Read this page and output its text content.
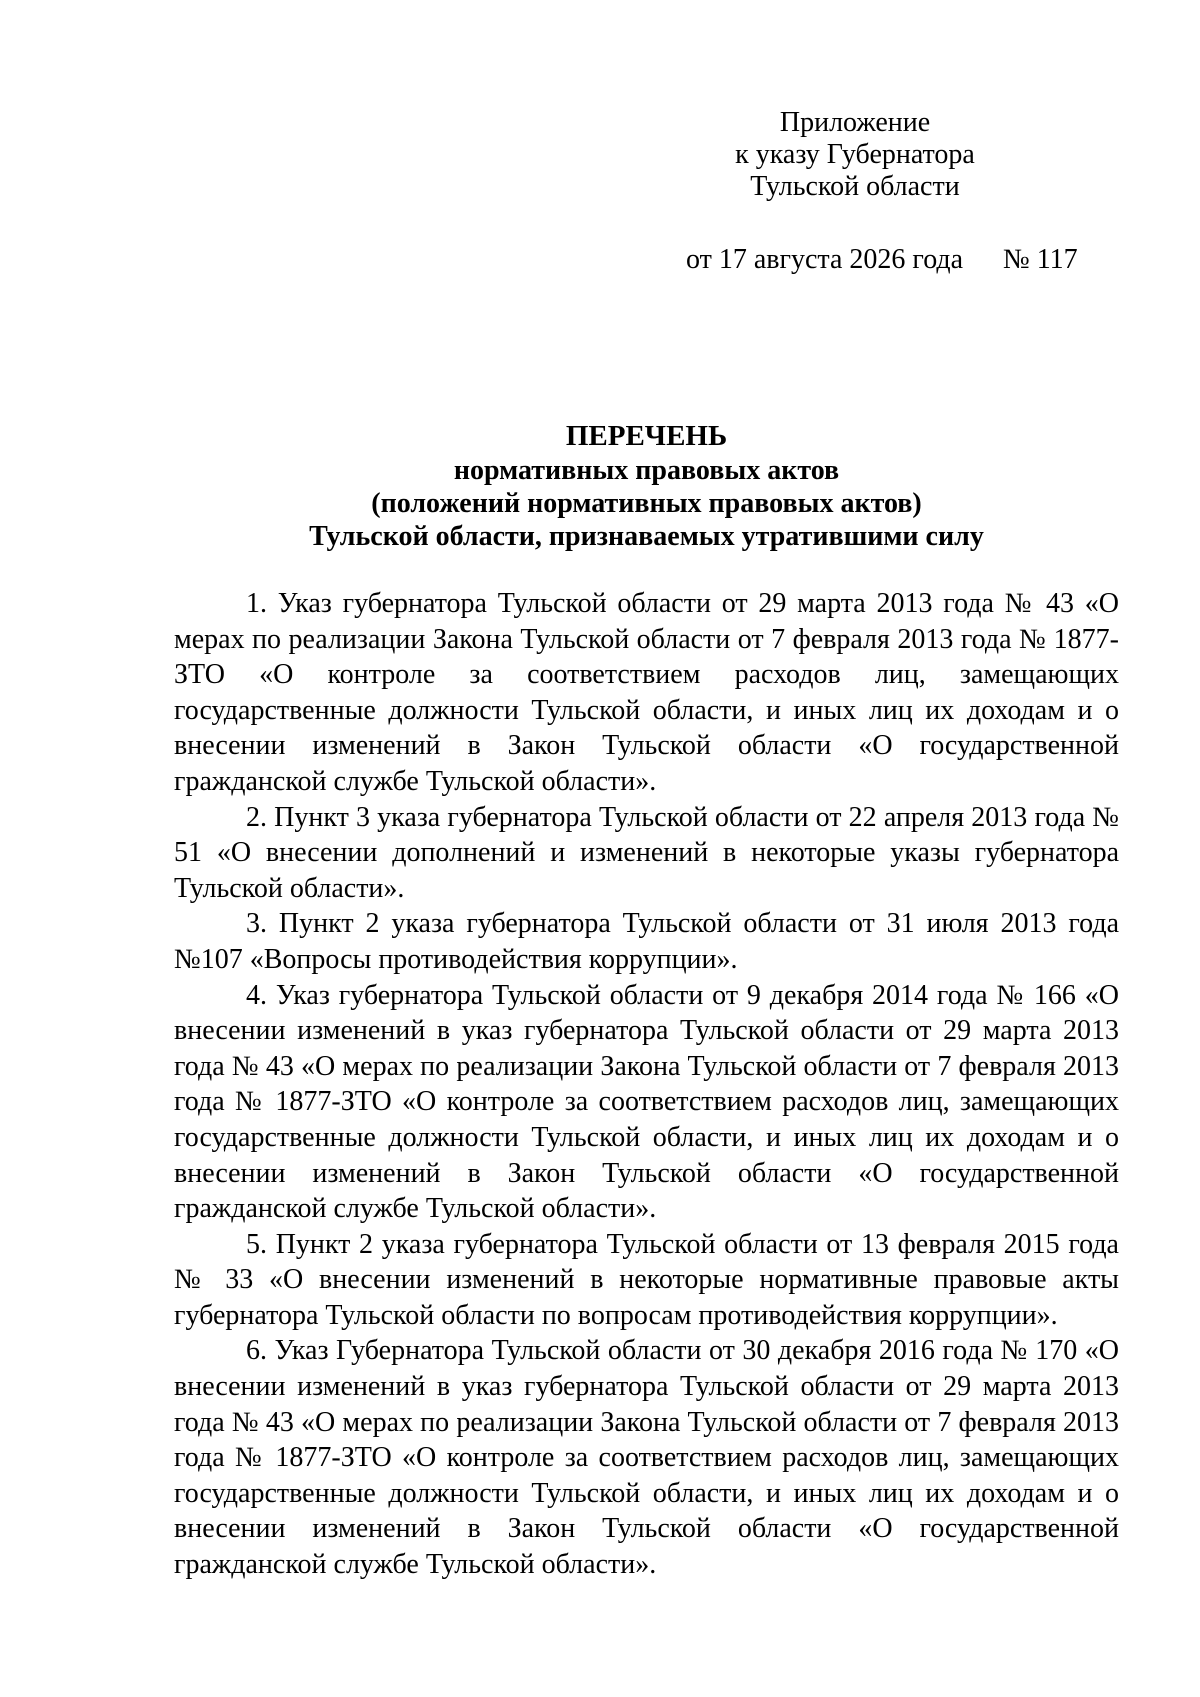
Приложение
к указу Губернатора
Тульской области
от 17 августа 2026 года № 117
ПЕРЕЧЕНЬ
нормативных правовых актов
(положений нормативных правовых актов)
Тульской области, признаваемых утратившими силу

1. Указ губернатора Тульской области от 29 марта 2013 года № 43 «О мерах по реализации Закона Тульской области от 7 февраля 2013 года № 1877-ЗТО «О контроле за соответствием расходов лиц, замещающих государственные должности Тульской области, и иных лиц их доходам и о внесении изменений в Закон Тульской области «О государственной гражданской службе Тульской области».

2. Пункт 3 указа губернатора Тульской области от 22 апреля 2013 года № 51 «О внесении дополнений и изменений в некоторые указы губернатора Тульской области».

3. Пункт 2 указа губернатора Тульской области от 31 июля 2013 года №107 «Вопросы противодействия коррупции».

4. Указ губернатора Тульской области от 9 декабря 2014 года № 166 «О внесении изменений в указ губернатора Тульской области от 29 марта 2013 года № 43 «О мерах по реализации Закона Тульской области от 7 февраля 2013 года № 1877-ЗТО «О контроле за соответствием расходов лиц, замещающих государственные должности Тульской области, и иных лиц их доходам и о внесении изменений в Закон Тульской области «О государственной гражданской службе Тульской области».

5. Пункт 2 указа губернатора Тульской области от 13 февраля 2015 года № 33 «О внесении изменений в некоторые нормативные правовые акты губернатора Тульской области по вопросам противодействия коррупции».

6. Указ Губернатора Тульской области от 30 декабря 2016 года № 170 «О внесении изменений в указ губернатора Тульской области от 29 марта 2013 года № 43 «О мерах по реализации Закона Тульской области от 7 февраля 2013 года № 1877-ЗТО «О контроле за соответствием расходов лиц, замещающих государственные должности Тульской области, и иных лиц их доходам и о внесении изменений в Закон Тульской области «О государственной гражданской службе Тульской области».
